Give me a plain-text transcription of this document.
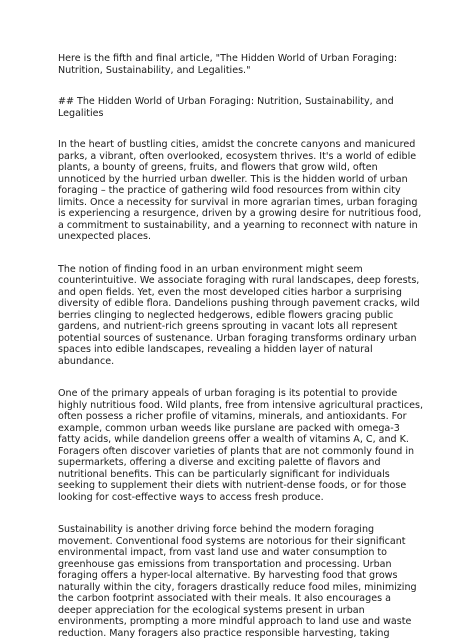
Here is the fifth and final article, "The Hidden World of Urban Foraging: Nutrition, Sustainability, and Legalities."

## The Hidden World of Urban Foraging: Nutrition, Sustainability, and Legalities

In the heart of bustling cities, amidst the concrete canyons and manicured parks, a vibrant, often overlooked, ecosystem thrives. It's a world of edible plants, a bounty of greens, fruits, and flowers that grow wild, often unnoticed by the hurried urban dweller. This is the hidden world of urban foraging – the practice of gathering wild food resources from within city limits. Once a necessity for survival in more agrarian times, urban foraging is experiencing a resurgence, driven by a growing desire for nutritious food, a commitment to sustainability, and a yearning to reconnect with nature in unexpected places.

The notion of finding food in an urban environment might seem counterintuitive. We associate foraging with rural landscapes, deep forests, and open fields. Yet, even the most developed cities harbor a surprising diversity of edible flora. Dandelions pushing through pavement cracks, wild berries clinging to neglected hedgerows, edible flowers gracing public gardens, and nutrient-rich greens sprouting in vacant lots all represent potential sources of sustenance. Urban foraging transforms ordinary urban spaces into edible landscapes, revealing a hidden layer of natural abundance.

One of the primary appeals of urban foraging is its potential to provide highly nutritious food. Wild plants, free from intensive agricultural practices, often possess a richer profile of vitamins, minerals, and antioxidants. For example, common urban weeds like purslane are packed with omega-3 fatty acids, while dandelion greens offer a wealth of vitamins A, C, and K. Foragers often discover varieties of plants that are not commonly found in supermarkets, offering a diverse and exciting palette of flavors and nutritional benefits. This can be particularly significant for individuals seeking to supplement their diets with nutrient-dense foods, or for those looking for cost-effective ways to access fresh produce.

Sustainability is another driving force behind the modern foraging movement. Conventional food systems are notorious for their significant environmental impact, from vast land use and water consumption to greenhouse gas emissions from transportation and processing. Urban foraging offers a hyper-local alternative. By harvesting food that grows naturally within the city, foragers drastically reduce food miles, minimizing the carbon footprint associated with their meals. It also encourages a deeper appreciation for the ecological systems present in urban environments, prompting a more mindful approach to land use and waste reduction. Many foragers also practice responsible harvesting, taking
